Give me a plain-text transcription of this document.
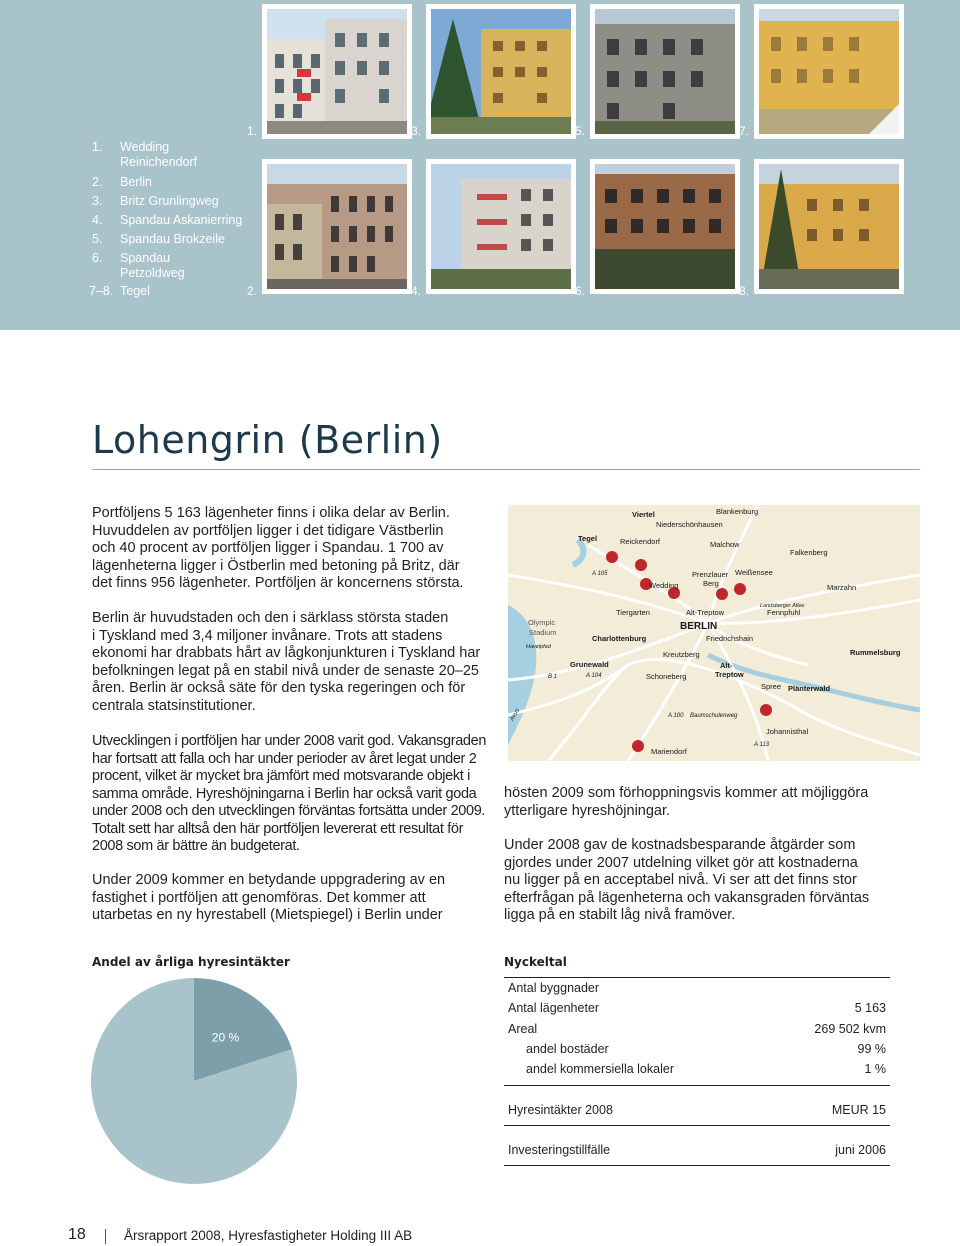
1. Wedding
Reinichendorf
2. Berlin
3. Britz Grunlingweg
4. Spandau Askanierring
5. Spandau Brokzeile
6. Spandau
Petzoldweg
7–8. Tegel
1.
2.
3.
4.
5.
6.
7.
8.
Lohengrin (Berlin)

Portföljens 5 163 lägenheter finns i olika delar av Berlin.
Huvuddelen av portföljen ligger i det tidigare Västberlin
och 40 procent av portföljen ligger i Spandau. 1 700 av
lägenheterna ligger i Östberlin med betoning på Britz, där
det finns 956 lägenheter. Portföljen är koncernens största.

Berlin är huvudstaden och den i särklass största staden
i Tyskland med 3,4 miljoner invånare. Trots att stadens
ekonomi har drabbats hårt av lågkonjunkturen i Tyskland har
befolkningen legat på en stabil nivå under de senaste 20–25
åren. Berlin är också säte för den tyska regeringen och för
centrala statsinstitutioner.

Utvecklingen i portföljen har under 2008 varit god. Vakansgraden
har fortsatt att falla och har under perioder av året legat under 2
procent, vilket är mycket bra jämfört med motsvarande objekt i
samma område. Hyreshöjningarna i Berlin har också varit goda
under 2008 och den utvecklingen förväntas fortsätta under 2009.
Totalt sett har alltså den här portföljen levererat ett resultat för
2008 som är bättre än budgeterat.

Under 2009 kommer en betydande uppgradering av en
fastighet i portföljen att genomföras. Det kommer att
utarbetas en ny hyrestabell (Mietspiegel) i Berlin under

Viertel	Blankenburg
Niederschönhausen
Tegel	Reickendorf	Malchow
Falkenberg
A 105
Wedding
Prenzlauer
Berg
Weißensee
Marzahn
Olympic
Stadium
Tiergarten	Alt-Treptow
Landsberger Allee
Fennpfuhl
BERLIN
Charlottenburg	Friedrichshain
Havelpfad
Kreutzberg	Rummelsburg
Grunewald
A 104
B 1	Schoneberg
Alt-
Treptow
Spree Plänterwald
A 100 Baumschulenweg
Mariendorf
Johannisthal
A 113
Avus

hösten 2009 som förhoppningsvis kommer att möjliggöra
ytterligare hyreshöjningar.

Under 2008 gav de kostnadsbesparande åtgärder som
gjordes under 2007 utdelning vilket gör att kostnaderna
nu ligger på en acceptabel nivå. Vi ser att det finns stor
efterfrågan på lägenheterna och vakansgraden förväntas
ligga på en stabilt låg nivå framöver.

Andel av årliga hyresintäkter
20 %
Nyckeltal
Antal byggnader
Antal lägenheter	5 163
Areal	269 502 kvm
andel bostäder	99 %
andel kommersiella lokaler	1 %
Hyresintäkter 2008	MEUR 15
Investeringstillfälle	juni 2006
18	Årsrapport 2008, Hyresfastigheter Holding III AB
